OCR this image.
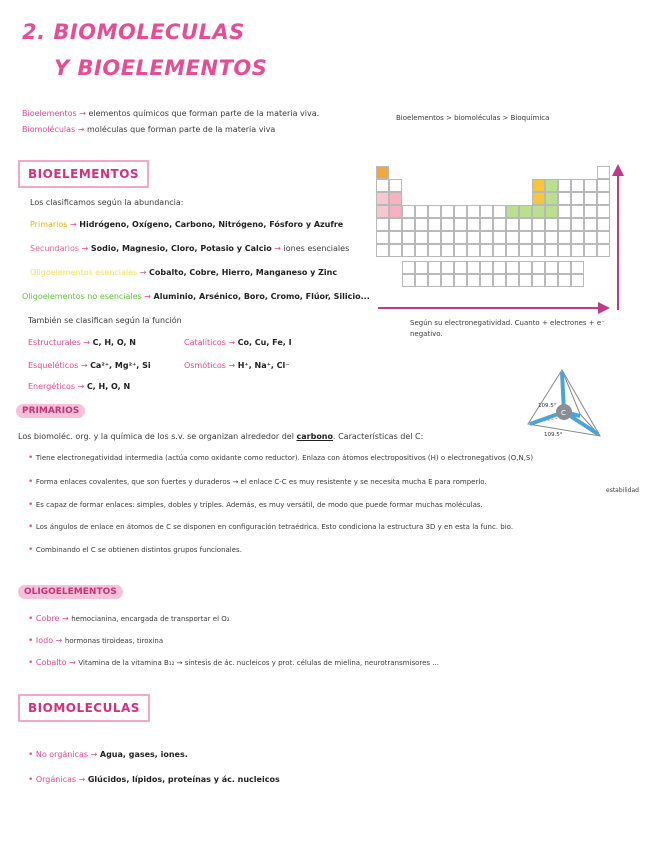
2. BIOMOLECULAS
Y BIOELEMENTOS
Bioelementos → elementos químicos que forman parte de la materia viva.
Biomoléculas → moléculas que forman parte de la materia viva
Bioelementos > biomoléculas > Bioquímica
BIOELEMENTOS
Los clasificamos según la abundancia:
Primarios → Hidrógeno, Oxígeno, Carbono, Nitrógeno, Fósforo y Azufre
Secundarios → Sodio, Magnesio, Cloro, Potasio y Calcio → iones esenciales
Oligoelementos esenciales → Cobalto, Cobre, Hierro, Manganeso y Zinc
Oligoelementos no esenciales → Aluminio, Arsénico, Boro, Cromo, Flúor, Silicio...
También se clasifican según la función
Estructurales → C, H, O, N
Esqueléticos → Ca²⁺, Mg²⁺, Si
Energéticos → C, H, O, N
Catalíticos → Co, Cu, Fe, I
Osmóticos → H⁺, Na⁺, Cl⁻
Según su electronegatividad. Cuanto + electrones + e⁻ negativo.
C
109.5°
109.5°
PRIMARIOS
Los biomoléc. org. y la química de los s.v. se organizan alrededor del carbono. Características del C:
• Tiene electronegatividad intermedia (actúa como oxidante como reductor). Enlaza con átomos electropositivos (H) o electronegativos (O,N,S)
• Forma enlaces covalentes, que son fuertes y duraderos → el enlace C-C es muy resistente y se necesita mucha E para romperlo.
• Es capaz de formar enlaces: simples, dobles y triples. Además, es muy versátil, de modo que puede formar muchas moléculas.
estabilidad
• Los ángulos de enlace en átomos de C se disponen en configuración tetraédrica. Esto condiciona la estructura 3D y en esta la func. bio.
• Combinando el C se obtienen distintos grupos funcionales.
OLIGOELEMENTOS
• Cobre → hemocianina, encargada de transportar el O₂
• Iodo → hormonas tiroideas, tiroxina
• Cobalto → Vitamina de la vitamina B₁₂ → síntesis de ác. nucleicos y prot. células de mielina, neurotransmisores ...
BIOMOLECULAS
• No orgánicas → Agua, gases, iones.
• Orgánicas → Glúcidos, lípidos, proteínas y ác. nucleicos
